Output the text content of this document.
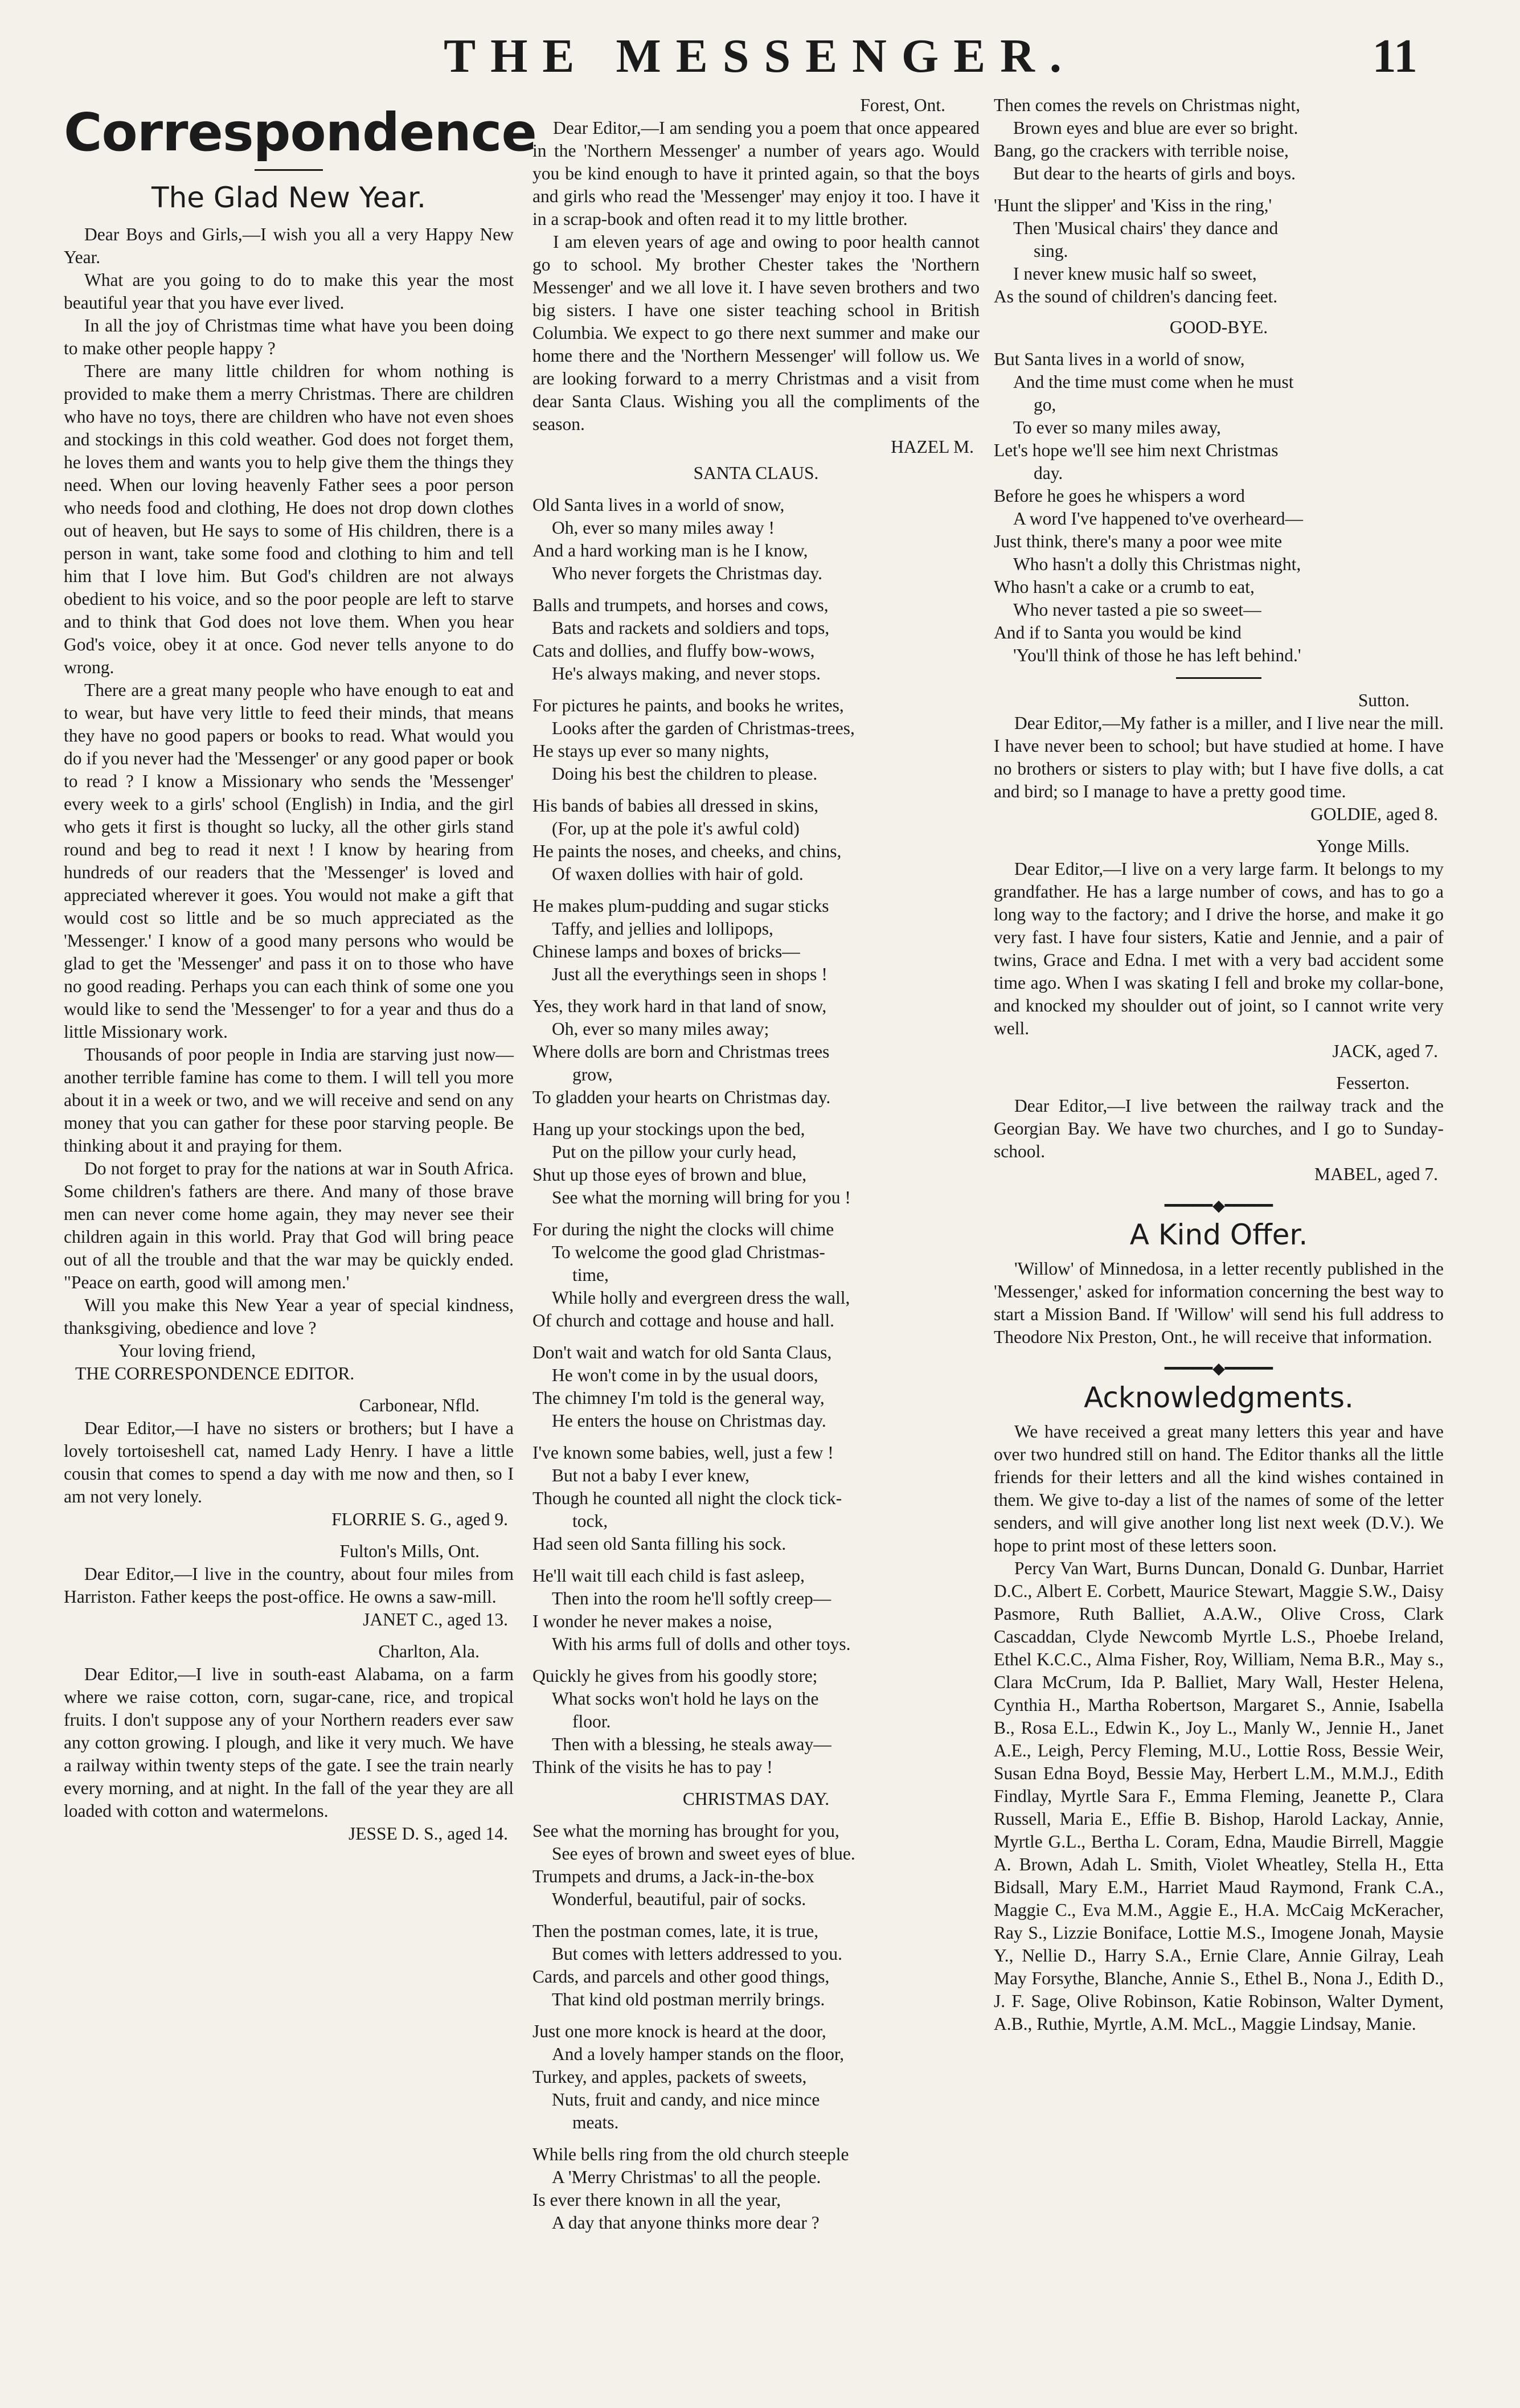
THE MESSENGER.	11
Correspondence
The Glad New Year.

Dear Boys and Girls,—I wish you all a very Happy New Year.

What are you going to do to make this year the most beautiful year that you have ever lived.

In all the joy of Christmas time what have you been doing to make other people happy ?

There are many little children for whom nothing is provided to make them a merry Christmas. There are children who have no toys, there are children who have not even shoes and stockings in this cold weather. God does not forget them, he loves them and wants you to help give them the things they need. When our loving heavenly Father sees a poor person who needs food and clothing, He does not drop down clothes out of heaven, but He says to some of His children, there is a person in want, take some food and clothing to him and tell him that I love him. But God's children are not always obedient to his voice, and so the poor people are left to starve and to think that God does not love them. When you hear God's voice, obey it at once. God never tells anyone to do wrong.

There are a great many people who have enough to eat and to wear, but have very little to feed their minds, that means they have no good papers or books to read. What would you do if you never had the 'Messenger' or any good paper or book to read ? I know a Missionary who sends the 'Messenger' every week to a girls' school (English) in India, and the girl who gets it first is thought so lucky, all the other girls stand round and beg to read it next ! I know by hearing from hundreds of our readers that the 'Messenger' is loved and appreciated wherever it goes. You would not make a gift that would cost so little and be so much appreciated as the 'Messenger.' I know of a good many persons who would be glad to get the 'Messenger' and pass it on to those who have no good reading. Perhaps you can each think of some one you would like to send the 'Messenger' to for a year and thus do a little Missionary work.

Thousands of poor people in India are starving just now—another terrible famine has come to them. I will tell you more about it in a week or two, and we will receive and send on any money that you can gather for these poor starving people. Be thinking about it and praying for them.

Do not forget to pray for the nations at war in South Africa. Some children's fathers are there. And many of those brave men can never come home again, they may never see their children again in this world. Pray that God will bring peace out of all the trouble and that the war may be quickly ended. "Peace on earth, good will among men.'

Will you make this New Year a year of special kindness, thanksgiving, obedience and love ?

Your loving friend,

THE CORRESPONDENCE EDITOR.

Carbonear, Nfld.

Dear Editor,—I have no sisters or brothers; but I have a lovely tortoiseshell cat, named Lady Henry. I have a little cousin that comes to spend a day with me now and then, so I am not very lonely.

FLORRIE S. G., aged 9.

Fulton's Mills, Ont.

Dear Editor,—I live in the country, about four miles from Harriston. Father keeps the post-office. He owns a saw-mill.

JANET C., aged 13.

Charlton, Ala.

Dear Editor,—I live in south-east Alabama, on a farm where we raise cotton, corn, sugar-cane, rice, and tropical fruits. I don't suppose any of your Northern readers ever saw any cotton growing. I plough, and like it very much. We have a railway within twenty steps of the gate. I see the train nearly every morning, and at night. In the fall of the year they are all loaded with cotton and watermelons.

JESSE D. S., aged 14.

Forest, Ont.

Dear Editor,—I am sending you a poem that once appeared in the 'Northern Messenger' a number of years ago. Would you be kind enough to have it printed again, so that the boys and girls who read the 'Messenger' may enjoy it too. I have it in a scrap-book and often read it to my little brother.

I am eleven years of age and owing to poor health cannot go to school. My brother Chester takes the 'Northern Messenger' and we all love it. I have seven brothers and two big sisters. I have one sister teaching school in British Columbia. We expect to go there next summer and make our home there and the 'Northern Messenger' will follow us. We are looking forward to a merry Christmas and a visit from dear Santa Claus. Wishing you all the compliments of the season.

HAZEL M.

SANTA CLAUS.

Old Santa lives in a world of snow,
Oh, ever so many miles away !
And a hard working man is he I know,
Who never forgets the Christmas day.
Balls and trumpets, and horses and cows,
Bats and rackets and soldiers and tops,
Cats and dollies, and fluffy bow-wows,
He's always making, and never stops.
For pictures he paints, and books he writes,
Looks after the garden of Christmas-trees,
He stays up ever so many nights,
Doing his best the children to please.
His bands of babies all dressed in skins,
(For, up at the pole it's awful cold)
He paints the noses, and cheeks, and chins,
Of waxen dollies with hair of gold.
He makes plum-pudding and sugar sticks
Taffy, and jellies and lollipops,
Chinese lamps and boxes of bricks—
Just all the everythings seen in shops !
Yes, they work hard in that land of snow,
Oh, ever so many miles away;
Where dolls are born and Christmas trees
grow,
To gladden your hearts on Christmas day.
Hang up your stockings upon the bed,
Put on the pillow your curly head,
Shut up those eyes of brown and blue,
See what the morning will bring for you !
For during the night the clocks will chime
To welcome the good glad Christmas-
time,
While holly and evergreen dress the wall,
Of church and cottage and house and hall.
Don't wait and watch for old Santa Claus,
He won't come in by the usual doors,
The chimney I'm told is the general way,
He enters the house on Christmas day.
I've known some babies, well, just a few !
But not a baby I ever knew,
Though he counted all night the clock tick-
tock,
Had seen old Santa filling his sock.
He'll wait till each child is fast asleep,
Then into the room he'll softly creep—
I wonder he never makes a noise,
With his arms full of dolls and other toys.
Quickly he gives from his goodly store;
What socks won't hold he lays on the
floor.
Then with a blessing, he steals away—
Think of the visits he has to pay !

CHRISTMAS DAY.

See what the morning has brought for you,
See eyes of brown and sweet eyes of blue.
Trumpets and drums, a Jack-in-the-box
Wonderful, beautiful, pair of socks.
Then the postman comes, late, it is true,
But comes with letters addressed to you.
Cards, and parcels and other good things,
That kind old postman merrily brings.
Just one more knock is heard at the door,
And a lovely hamper stands on the floor,
Turkey, and apples, packets of sweets,
Nuts, fruit and candy, and nice mince
meats.
While bells ring from the old church steeple
A 'Merry Christmas' to all the people.
Is ever there known in all the year,
A day that anyone thinks more dear ?
Then comes the revels on Christmas night,
Brown eyes and blue are ever so bright.
Bang, go the crackers with terrible noise,
But dear to the hearts of girls and boys.
'Hunt the slipper' and 'Kiss in the ring,'
Then 'Musical chairs' they dance and
sing.
I never knew music half so sweet,
As the sound of children's dancing feet.

GOOD-BYE.

But Santa lives in a world of snow,
And the time must come when he must
go,
To ever so many miles away,
Let's hope we'll see him next Christmas
day.
Before he goes he whispers a word
A word I've happened to've overheard—
Just think, there's many a poor wee mite
Who hasn't a dolly this Christmas night,
Who hasn't a cake or a crumb to eat,
Who never tasted a pie so sweet—
And if to Santa you would be kind
'You'll think of those he has left behind.'

Sutton.

Dear Editor,—My father is a miller, and I live near the mill. I have never been to school; but have studied at home. I have no brothers or sisters to play with; but I have five dolls, a cat and bird; so I manage to have a pretty good time.

GOLDIE, aged 8.

Yonge Mills.

Dear Editor,—I live on a very large farm. It belongs to my grandfather. He has a large number of cows, and has to go a long way to the factory; and I drive the horse, and make it go very fast. I have four sisters, Katie and Jennie, and a pair of twins, Grace and Edna. I met with a very bad accident some time ago. When I was skating I fell and broke my collar-bone, and knocked my shoulder out of joint, so I cannot write very well.

JACK, aged 7.

Fesserton.

Dear Editor,—I live between the railway track and the Georgian Bay. We have two churches, and I go to Sunday-school.

MABEL, aged 7.

━━━━━◆━━━━━
A Kind Offer.

'Willow' of Minnedosa, in a letter recently published in the 'Messenger,' asked for information concerning the best way to start a Mission Band. If 'Willow' will send his full address to Theodore Nix Preston, Ont., he will receive that information.

━━━━━◆━━━━━
Acknowledgments.

We have received a great many letters this year and have over two hundred still on hand. The Editor thanks all the little friends for their letters and all the kind wishes contained in them. We give to-day a list of the names of some of the letter senders, and will give another long list next week (D.V.). We hope to print most of these letters soon.

Percy Van Wart, Burns Duncan, Donald G. Dunbar, Harriet D.C., Albert E. Corbett, Maurice Stewart, Maggie S.W., Daisy Pasmore, Ruth Balliet, A.A.W., Olive Cross, Clark Cascaddan, Clyde Newcomb Myrtle L.S., Phoebe Ireland, Ethel K.C.C., Alma Fisher, Roy, William, Nema B.R., May s., Clara McCrum, Ida P. Balliet, Mary Wall, Hester Helena, Cynthia H., Martha Robertson, Margaret S., Annie, Isabella B., Rosa E.L., Edwin K., Joy L., Manly W., Jennie H., Janet A.E., Leigh, Percy Fleming, M.U., Lottie Ross, Bessie Weir, Susan Edna Boyd, Bessie May, Herbert L.M., M.M.J., Edith Findlay, Myrtle Sara F., Emma Fleming, Jeanette P., Clara Russell, Maria E., Effie B. Bishop, Harold Lackay, Annie, Myrtle G.L., Bertha L. Coram, Edna, Maudie Birrell, Maggie A. Brown, Adah L. Smith, Violet Wheatley, Stella H., Etta Bidsall, Mary E.M., Harriet Maud Raymond, Frank C.A., Maggie C., Eva M.M., Aggie E., H.A. McCaig McKeracher, Ray S., Lizzie Boniface, Lottie M.S., Imogene Jonah, Maysie Y., Nellie D., Harry S.A., Ernie Clare, Annie Gilray, Leah May Forsythe, Blanche, Annie S., Ethel B., Nona J., Edith D., J. F. Sage, Olive Robinson, Katie Robinson, Walter Dyment, A.B., Ruthie, Myrtle, A.M. McL., Maggie Lindsay, Manie.
